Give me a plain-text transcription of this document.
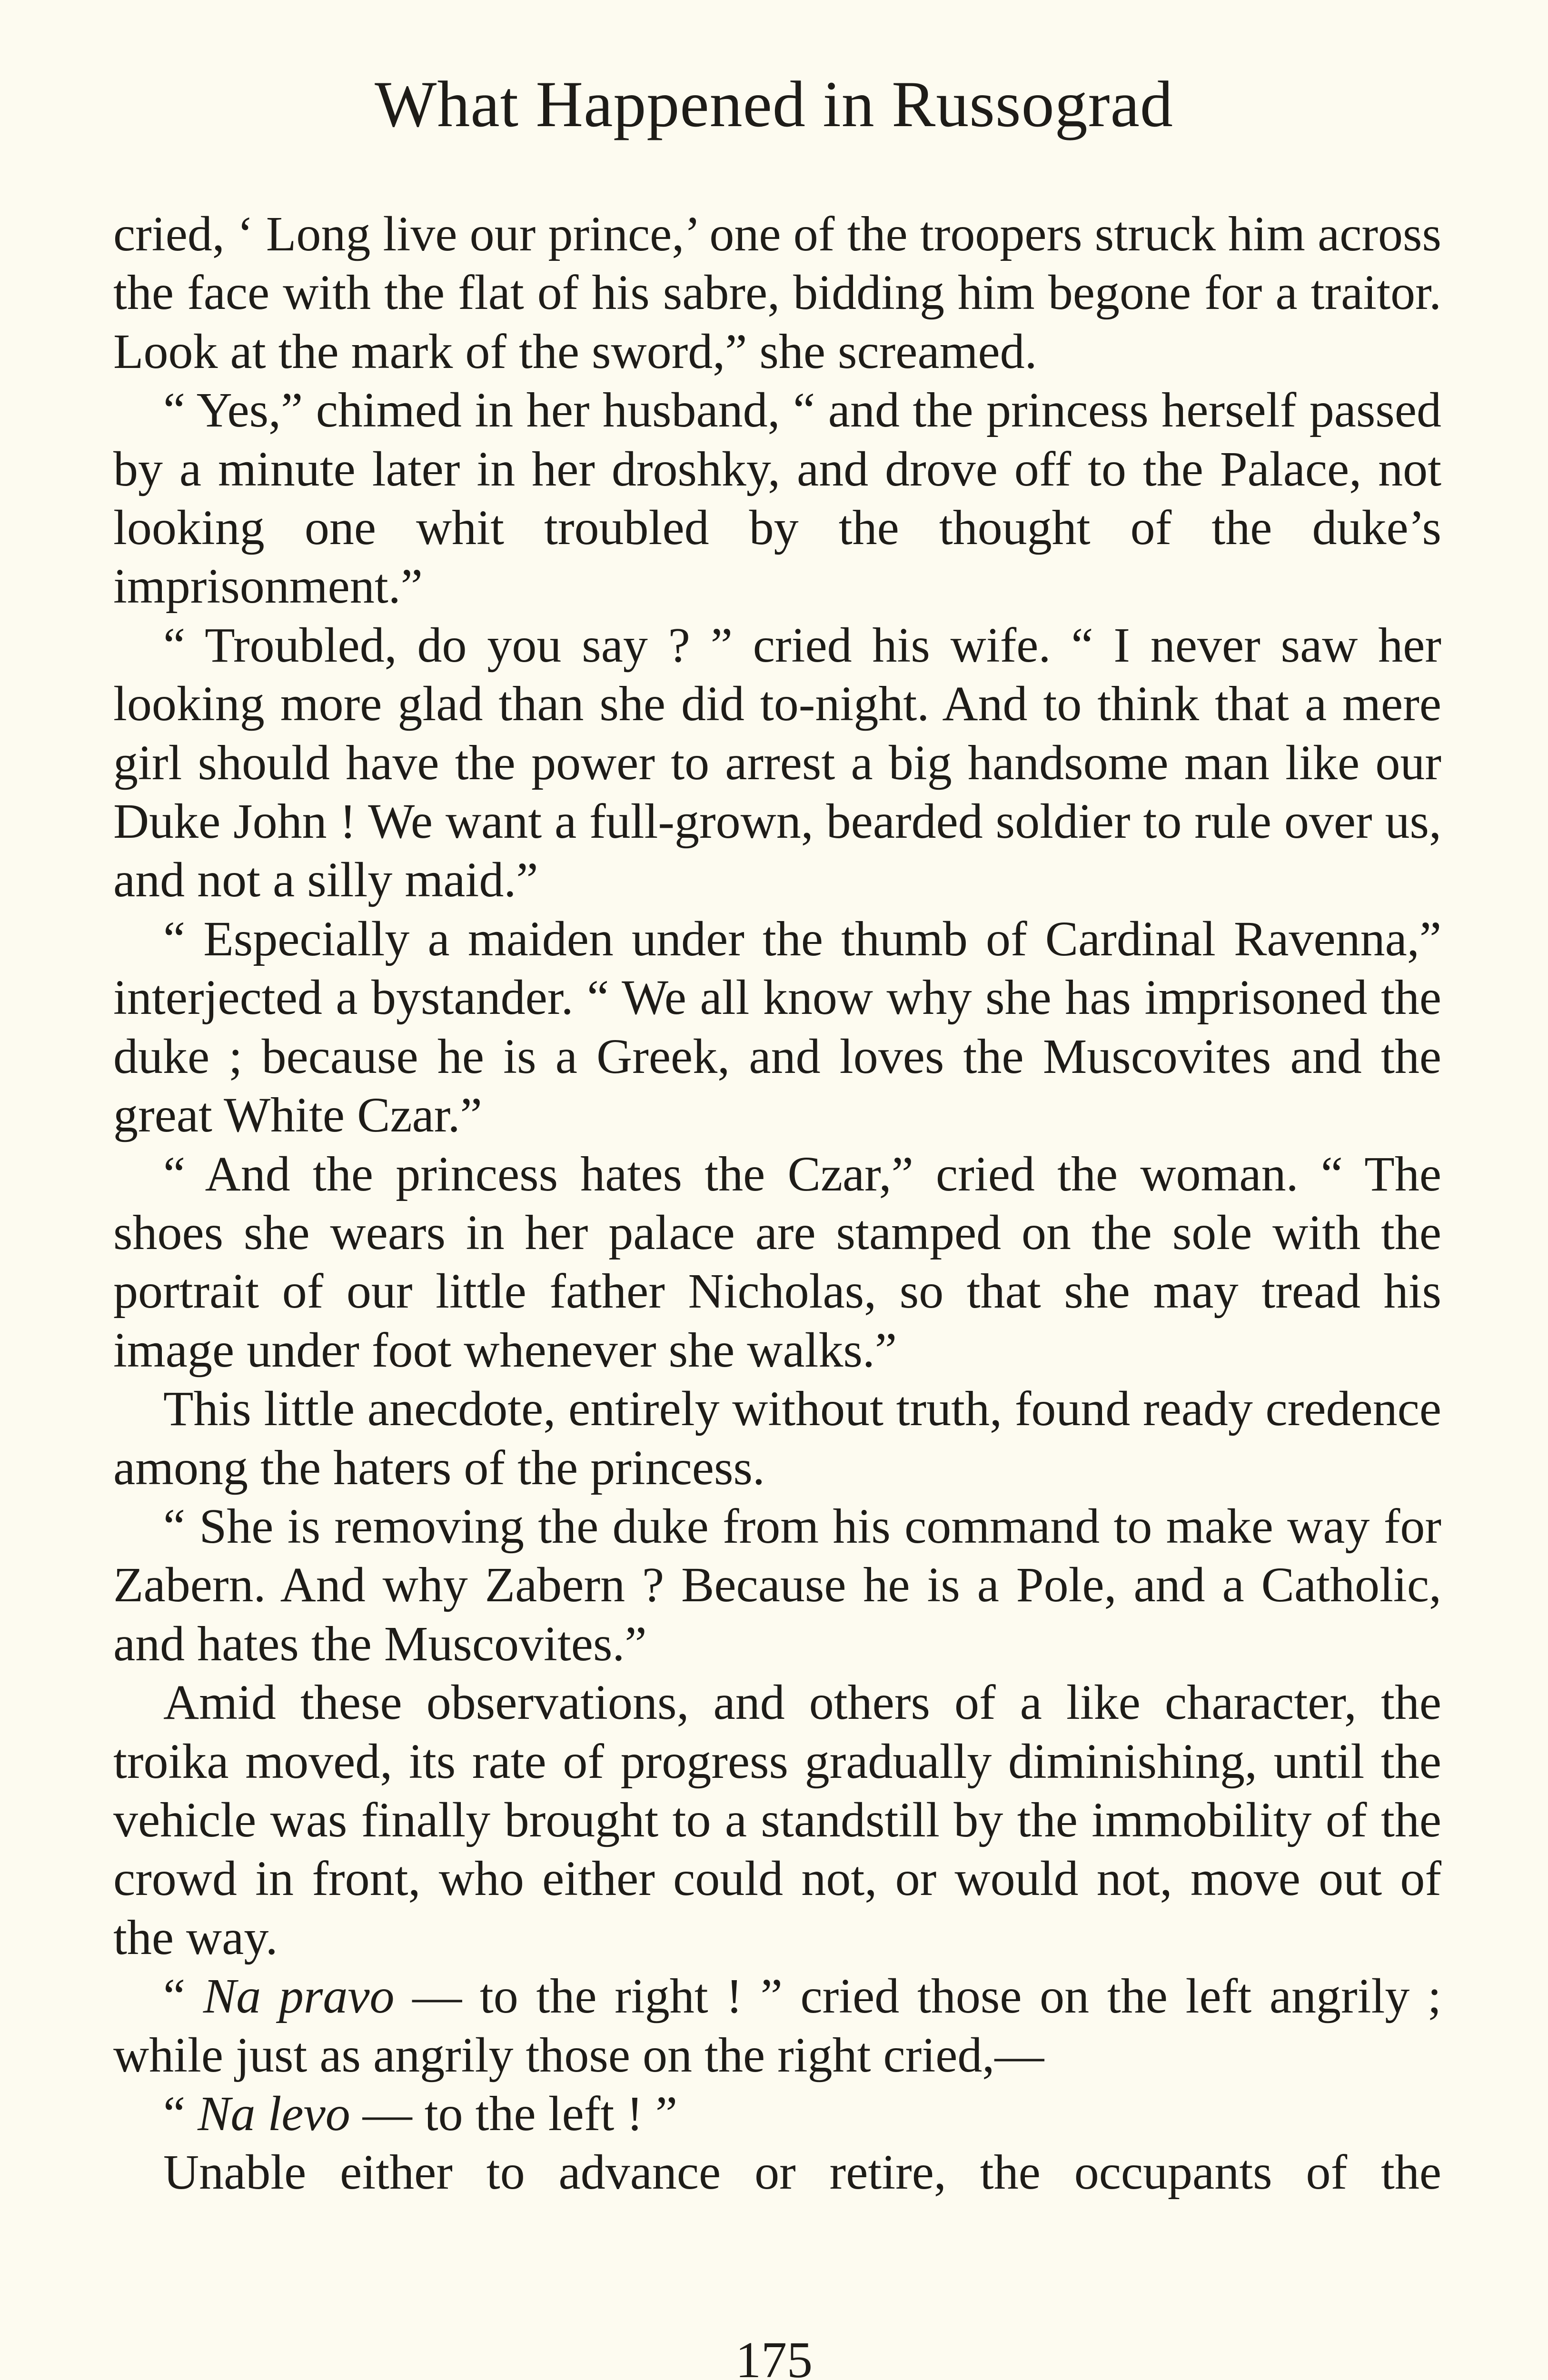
What Happened in Russograd

cried, ‘ Long live our prince,’ one of the troopers struck him across the face with the flat of his sabre, bidding him begone for a traitor. Look at the mark of the sword,” she screamed.

“ Yes,” chimed in her husband, “ and the princess herself passed by a minute later in her droshky, and drove off to the Palace, not looking one whit troubled by the thought of the duke’s imprisonment.”

“ Troubled, do you say ? ” cried his wife. “ I never saw her looking more glad than she did to-night. And to think that a mere girl should have the power to arrest a big handsome man like our Duke John ! We want a full-grown, bearded soldier to rule over us, and not a silly maid.”

“ Especially a maiden under the thumb of Cardinal Ravenna,” interjected a bystander. “ We all know why she has imprisoned the duke ; because he is a Greek, and loves the Muscovites and the great White Czar.”

“ And the princess hates the Czar,” cried the woman. “ The shoes she wears in her palace are stamped on the sole with the portrait of our little father Nicholas, so that she may tread his image under foot whenever she walks.”

This little anecdote, entirely without truth, found ready credence among the haters of the princess.

“ She is removing the duke from his command to make way for Zabern. And why Zabern ? Because he is a Pole, and a Catholic, and hates the Muscovites.”

Amid these observations, and others of a like character, the troika moved, its rate of progress gradually diminishing, until the vehicle was finally brought to a standstill by the immobility of the crowd in front, who either could not, or would not, move out of the way.

“ Na pravo — to the right ! ” cried those on the left angrily ; while just as angrily those on the right cried,—

“ Na levo — to the left ! ”

Unable either to advance or retire, the occupants of the

175
